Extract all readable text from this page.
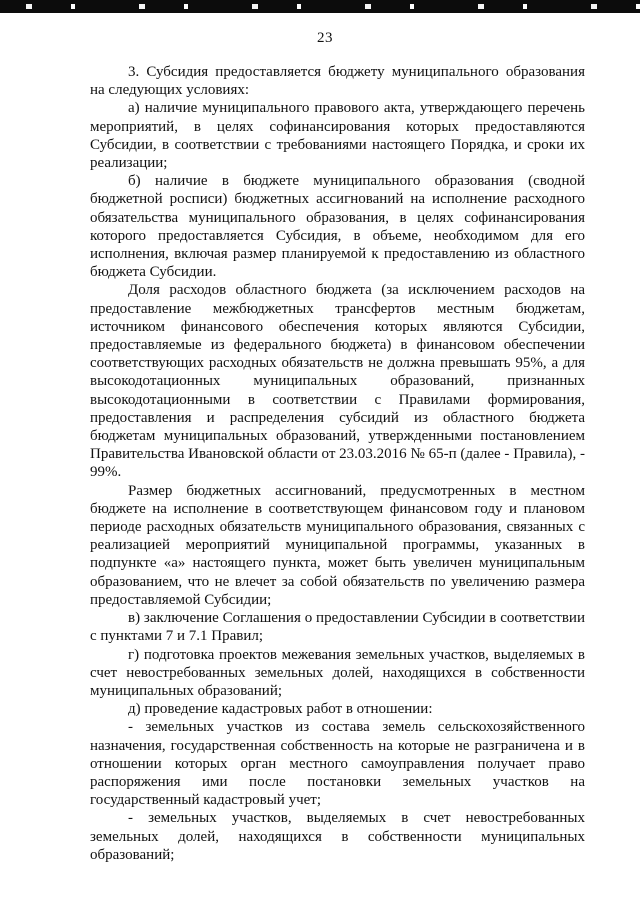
23

3. Субсидия предоставляется бюджету муниципального образования на следующих условиях:

а) наличие муниципального правового акта, утверждающего перечень мероприятий, в целях софинансирования которых предоставляются Субсидии, в соответствии с требованиями настоящего Порядка, и сроки их реализации;

б) наличие в бюджете муниципального образования (сводной бюджетной росписи) бюджетных ассигнований на исполнение расходного обязательства муниципального образования, в целях софинансирования которого предоставляется Субсидия, в объеме, необходимом для его исполнения, включая размер планируемой к предоставлению из областного бюджета Субсидии.

Доля расходов областного бюджета (за исключением расходов на предоставление межбюджетных трансфертов местным бюджетам, источником финансового обеспечения которых являются Субсидии, предоставляемые из федерального бюджета) в финансовом обеспечении соответствующих расходных обязательств не должна превышать 95%, а для высокодотационных муниципальных образований, признанных высокодотационными в соответствии с Правилами формирования, предоставления и распределения субсидий из областного бюджета бюджетам муниципальных образований, утвержденными постановлением Правительства Ивановской области от 23.03.2016 № 65-п (далее - Правила), - 99%.

Размер бюджетных ассигнований, предусмотренных в местном бюджете на исполнение в соответствующем финансовом году и плановом периоде расходных обязательств муниципального образования, связанных с реализацией мероприятий муниципальной программы, указанных в подпункте «а» настоящего пункта, может быть увеличен муниципальным образованием, что не влечет за собой обязательств по увеличению размера предоставляемой Субсидии;

в) заключение Соглашения о предоставлении Субсидии в соответствии с пунктами 7 и 7.1 Правил;

г) подготовка проектов межевания земельных участков, выделяемых в счет невостребованных земельных долей, находящихся в собственности муниципальных образований;

д) проведение кадастровых работ в отношении:

- земельных участков из состава земель сельскохозяйственного назначения, государственная собственность на которые не разграничена и в отношении которых орган местного самоуправления получает право распоряжения ими после постановки земельных участков на государственный кадастровый учет;

- земельных участков, выделяемых в счет невостребованных земельных долей, находящихся в собственности муниципальных образований;
